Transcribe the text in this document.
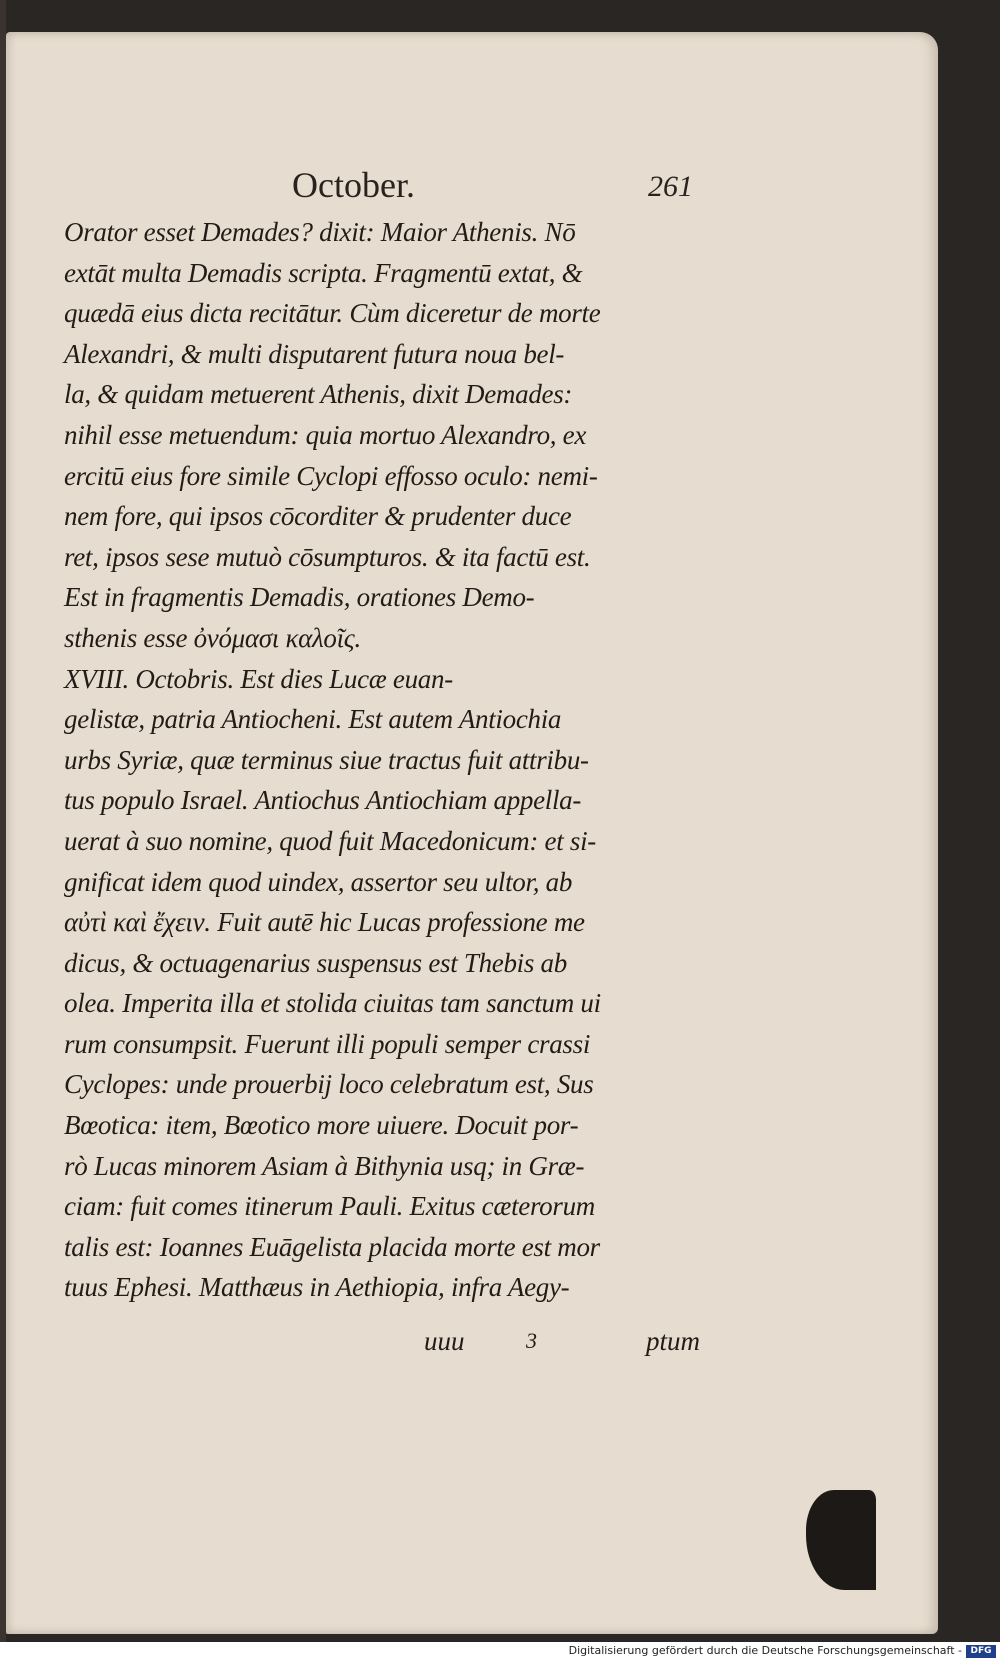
October.	261
Orator esset Demades? dixit: Maior Athenis. Nō
extāt multa Demadis scripta. Fragmentū extat, &
quædā eius dicta recitātur. Cùm diceretur de morte
Alexandri, & multi disputarent futura noua bel-
la, & quidam metuerent Athenis, dixit Demades:
nihil esse metuendum: quia mortuo Alexandro, ex
ercitū eius fore simile Cyclopi effosso oculo: nemi-
nem fore, qui ipsos cōcorditer & prudenter duce
ret, ipsos sese mutuò cōsumpturos. & ita factū est.
Est in fragmentis Demadis, orationes Demo-
sthenis esse ὀνόμασι καλοῖς.
XVIII. Octobris. Est dies Lucæ euan-
gelistæ, patria Antiocheni. Est autem Antiochia
urbs Syriæ, quæ terminus siue tractus fuit attribu-
tus populo Israel. Antiochus Antiochiam appella-
uerat à suo nomine, quod fuit Macedonicum: et si-
gnificat idem quod uindex, assertor seu ultor, ab
αὐτὶ καὶ ἔχειν. Fuit autē hic Lucas professione me
dicus, & octuagenarius suspensus est Thebis ab
olea. Imperita illa et stolida ciuitas tam sanctum ui
rum consumpsit. Fuerunt illi populi semper crassi
Cyclopes: unde prouerbij loco celebratum est, Sus
Bœotica: item, Bœotico more uiuere. Docuit por-
rò Lucas minorem Asiam à Bithynia usq; in Græ-
ciam: fuit comes itinerum Pauli. Exitus cæterorum
talis est: Ioannes Euāgelista placida morte est mor
tuus Ephesi. Matthæus in Aethiopia, infra Aegy-
uuu	3	ptum
Digitalisierung gefördert durch die Deutsche Forschungsgemeinschaft - DFG
